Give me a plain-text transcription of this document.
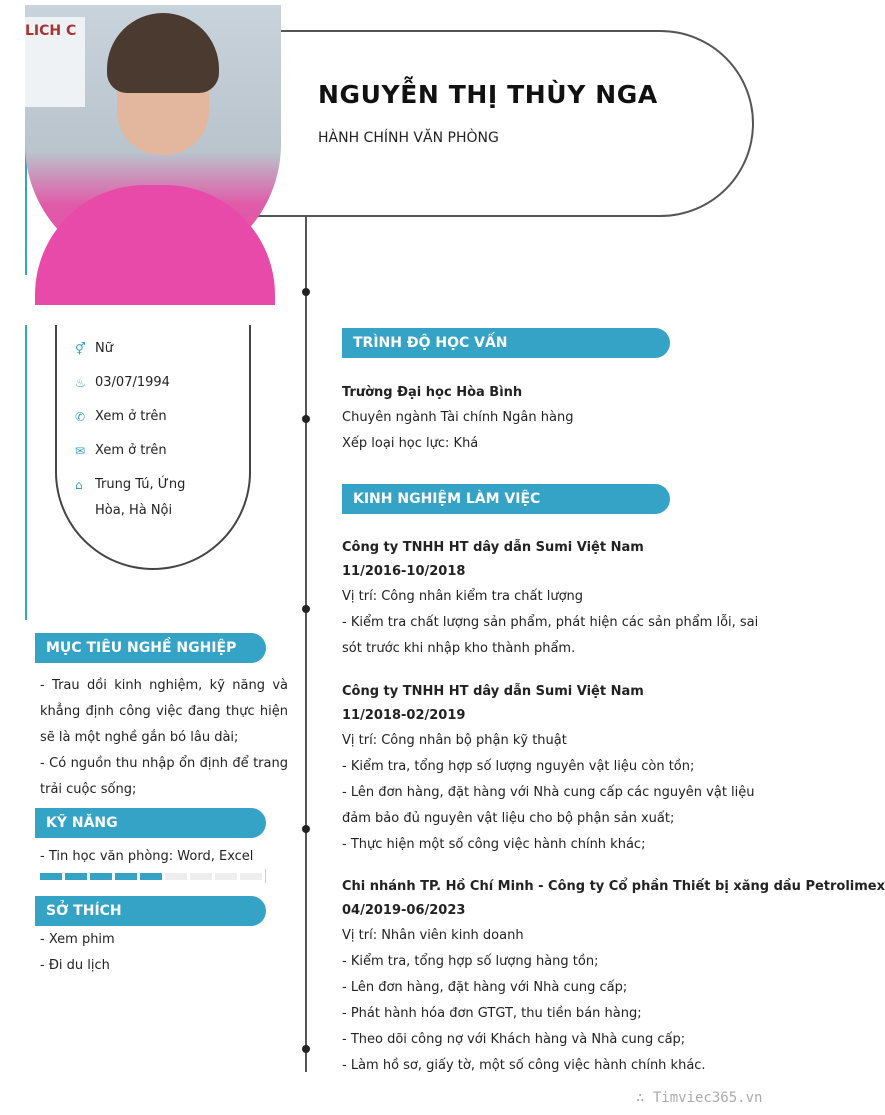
LICH C
NGUYỄN THỊ THÙY NGA
HÀNH CHÍNH VĂN PHÒNG
⚥ Nữ
♨ 03/07/1994
✆ Xem ở trên
✉ Xem ở trên
⌂ Trung Tú, Ứng Hòa, Hà Nội
MỤC TIÊU NGHỀ NGHIỆP
- Trau dồi kinh nghiệm, kỹ năng và khẳng định công việc đang thực hiện sẽ là một nghề gắn bó lâu dài;
- Có nguồn thu nhập ổn định để trang trải cuộc sống;
KỸ NĂNG
- Tin học văn phòng: Word, Excel
SỞ THÍCH
- Xem phim
- Đi du lịch
TRÌNH ĐỘ HỌC VẤN
Trường Đại học Hòa Bình
Chuyên ngành Tài chính Ngân hàng
Xếp loại học lực: Khá
KINH NGHIỆM LÀM VIỆC
Công ty TNHH HT dây dẫn Sumi Việt Nam
11/2016-10/2018
Vị trí: Công nhân kiểm tra chất lượng
- Kiểm tra chất lượng sản phẩm, phát hiện các sản phẩm lỗi, sai sót trước khi nhập kho thành phẩm.
Công ty TNHH HT dây dẫn Sumi Việt Nam
11/2018-02/2019
Vị trí: Công nhân bộ phận kỹ thuật
- Kiểm tra, tổng hợp số lượng nguyên vật liệu còn tồn;
- Lên đơn hàng, đặt hàng với Nhà cung cấp các nguyên vật liệu đảm bảo đủ nguyên vật liệu cho bộ phận sản xuất;
- Thực hiện một số công việc hành chính khác;
Chi nhánh TP. Hồ Chí Minh - Công ty Cổ phần Thiết bị xăng dầu Petrolimex
04/2019-06/2023
Vị trí: Nhân viên kinh doanh
- Kiểm tra, tổng hợp số lượng hàng tồn;
- Lên đơn hàng, đặt hàng với Nhà cung cấp;
- Phát hành hóa đơn GTGT, thu tiền bán hàng;
- Theo dõi công nợ với Khách hàng và Nhà cung cấp;
- Làm hồ sơ, giấy tờ, một số công việc hành chính khác.
∴ Timviec365.vn
